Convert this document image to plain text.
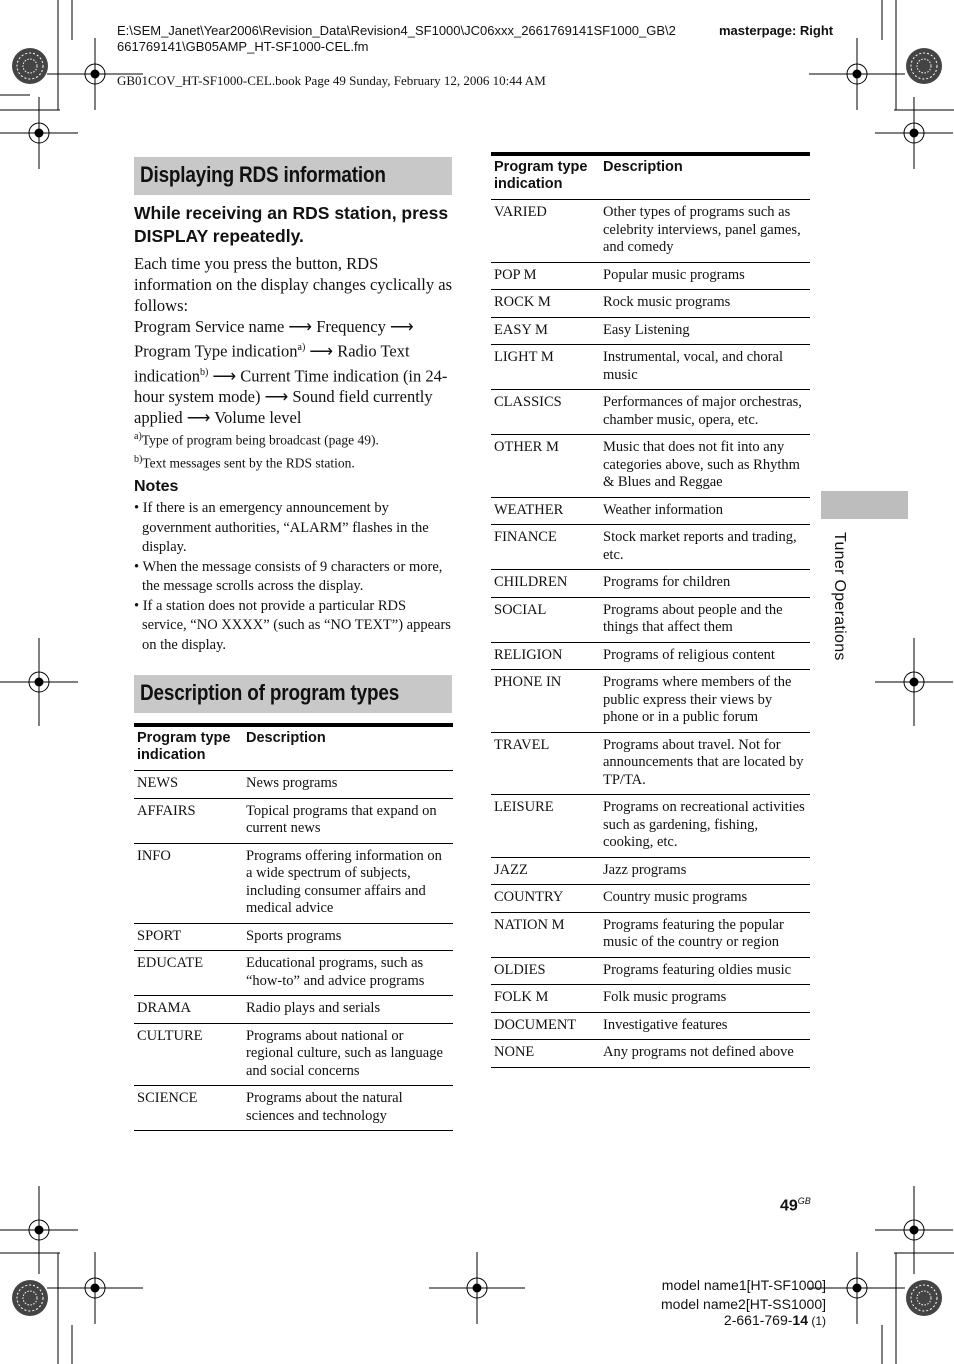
E:\SEM_Janet\Year2006\Revision_Data\Revision4_SF1000\JC06xxx_2661769141SF1000_GB\2
661769141\GB05AMP_HT-SF1000-CEL.fm
masterpage: Right
GB01COV_HT-SF1000-CEL.book Page 49 Sunday, February 12, 2006 10:44 AM
Displaying RDS information
While receiving an RDS station, press DISPLAY repeatedly.
Each time you press the button, RDS information on the display changes cyclically as follows:
Program Service name ⟶ Frequency ⟶ Program Type indication$^{a)}$ ⟶ Radio Text indication$^{b)}$ ⟶ Current Time indication (in 24-hour system mode) ⟶ Sound field currently applied ⟶ Volume level
$^{a)}$Type of program being broadcast (page 49).
$^{b)}$Text messages sent by the RDS station.
Notes
• If there is an emergency announcement by government authorities, “ALARM” flashes in the display.
• When the message consists of 9 characters or more, the message scrolls across the display.
• If a station does not provide a particular RDS service, “NO XXXX” (such as “NO TEXT”) appears on the display.
Description of program types
Program type indication	Description
NEWS	News programs
AFFAIRS	Topical programs that expand on current news
INFO	Programs offering information on a wide spectrum of subjects, including consumer affairs and medical advice
SPORT	Sports programs
EDUCATE	Educational programs, such as “how-to” and advice programs
DRAMA	Radio plays and serials
CULTURE	Programs about national or regional culture, such as language and social concerns
SCIENCE	Programs about the natural sciences and technology
Program type indication	Description
VARIED	Other types of programs such as celebrity interviews, panel games, and comedy
POP M	Popular music programs
ROCK M	Rock music programs
EASY M	Easy Listening
LIGHT M	Instrumental, vocal, and choral music
CLASSICS	Performances of major orchestras, chamber music, opera, etc.
OTHER M	Music that does not fit into any categories above, such as Rhythm & Blues and Reggae
WEATHER	Weather information
FINANCE	Stock market reports and trading, etc.
CHILDREN	Programs for children
SOCIAL	Programs about people and the things that affect them
RELIGION	Programs of religious content
PHONE IN	Programs where members of the public express their views by phone or in a public forum
TRAVEL	Programs about travel. Not for announcements that are located by TP/TA.
LEISURE	Programs on recreational activities such as gardening, fishing, cooking, etc.
JAZZ	Jazz programs
COUNTRY	Country music programs
NATION M	Programs featuring the popular music of the country or region
OLDIES	Programs featuring oldies music
FOLK M	Folk music programs
DOCUMENT	Investigative features
NONE	Any programs not defined above
Tuner Operations
$49^{GB}$
model name1[HT-SF1000]
model name2[HT-SS1000]
2-661-769-14 (1)
